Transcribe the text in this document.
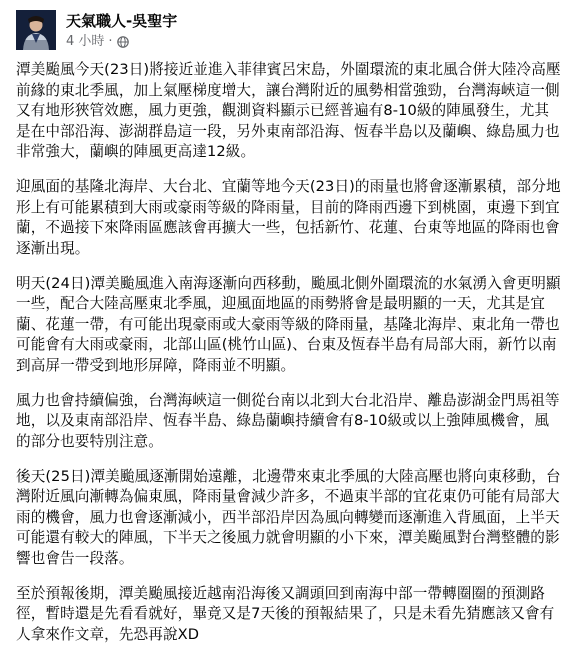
天氣職人-吳聖宇
4 小時 ·

潭美颱風今天(23日)將接近並進入菲律賓呂宋島，外圍環流的東北風合併大陸冷高壓前緣的東北季風，加上氣壓梯度增大，讓台灣附近的風勢相當強勁，台灣海峽這一側又有地形狹管效應，風力更強，觀測資料顯示已經普遍有8-10級的陣風發生，尤其是在中部沿海、澎湖群島這一段，另外東南部沿海、恆春半島以及蘭嶼、綠島風力也非常強大，蘭嶼的陣風更高達12級。

迎風面的基隆北海岸、大台北、宜蘭等地今天(23日)的雨量也將會逐漸累積，部分地形上有可能累積到大雨或豪雨等級的降雨量，目前的降雨西邊下到桃園，東邊下到宜蘭，不過接下來降雨區應該會再擴大一些，包括新竹、花蓮、台東等地區的降雨也會逐漸出現。

明天(24日)潭美颱風進入南海逐漸向西移動，颱風北側外圍環流的水氣湧入會更明顯一些，配合大陸高壓東北季風，迎風面地區的雨勢將會是最明顯的一天，尤其是宜蘭、花蓮一帶，有可能出現豪雨或大豪雨等級的降雨量，基隆北海岸、東北角一帶也可能會有大雨或豪雨，北部山區(桃竹山區)、台東及恆春半島有局部大雨，新竹以南到高屏一帶受到地形屏障，降雨並不明顯。

風力也會持續偏強，台灣海峽這一側從台南以北到大台北沿岸、離島澎湖金門馬祖等地，以及東南部沿岸、恆春半島、綠島蘭嶼持續會有8-10級或以上強陣風機會，風的部分也要特別注意。

後天(25日)潭美颱風逐漸開始遠離，北邊帶來東北季風的大陸高壓也將向東移動，台灣附近風向漸轉為偏東風，降雨量會減少許多，不過東半部的宜花東仍可能有局部大雨的機會，風力也會逐漸減小，西半部沿岸因為風向轉變而逐漸進入背風面，上半天可能還有較大的陣風，下半天之後風力就會明顯的小下來，潭美颱風對台灣整體的影響也會告一段落。

至於預報後期，潭美颱風接近越南沿海後又調頭回到南海中部一帶轉圈圈的預測路徑，暫時還是先看看就好，畢竟又是7天後的預報結果了，只是未看先猜應該又會有人拿來作文章，先恐再說XD
